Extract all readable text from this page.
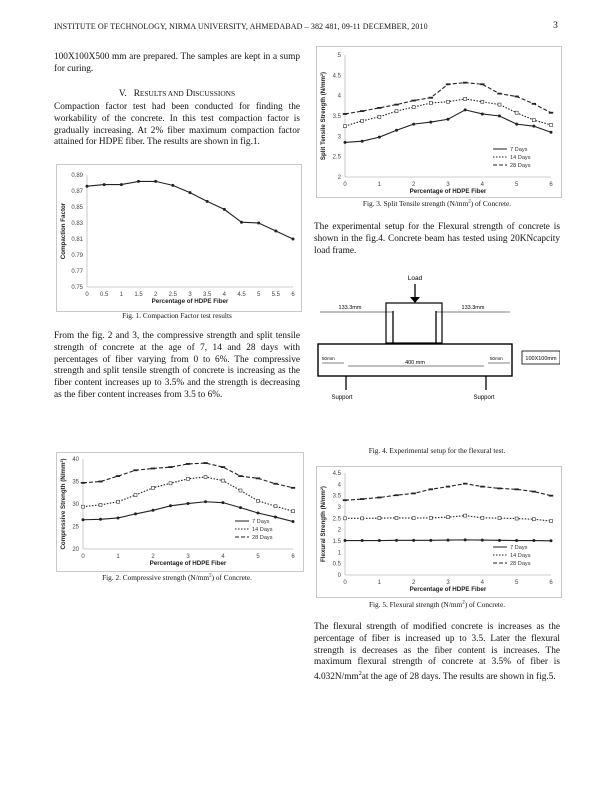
INSTITUTE OF TECHNOLOGY, NIRMA UNIVERSITY, AHMEDABAD – 382 481, 09-11 DECEMBER, 2010	3

100X100X500 mm are prepared. The samples are kept in a sump for curing.

V. RESULTS AND DISCUSSIONS

Compaction factor test had been conducted for finding the workability of the concrete. In this test compaction factor is gradually increasing. At 2% fiber maximum compaction factor attained for HDPE fiber. The results are shown in fig.1.

0.75
0.77
0.79
0.81
0.83
0.85
0.87
0.89
0 0.5 1 1.5 2 2.5 3 3.5 4 4.5 5 5.5 6
Percentage of HDPE Fiber
Compaction Factor
Fig. 1. Compaction Factor test results

From the fig. 2 and 3, the compressive strength and split tensile strength of concrete at the age of 7, 14 and 28 days with percentages of fiber varying from 0 to 6%. The compressive strength and split tensile strength of concrete is increasing as the fiber content increases up to 3.5% and the strength is decreasing as the fiber content increases from 3.5 to 6%.

20
25
30
35
40
0	1	2	3	4	5	6
Percentage of HDPE Fiber
Compressive Strength (N/mm²)	7 Days
14 Days
28 Days
Fig. 2. Compressive strength $(N/mm^2)$ of Concrete.
2
2.5
3
3.5
4
4.5
5
0	1	2	3	4	5	6
Percentage of HDPE Fiber
Split Tensile Strength (N/mm²)	7 Days
14 Days
28 Days
Fig. 3. Split Tensile strength $(N/mm^2)$ of Concrete.

The experimental setup for the Flexural strength of concrete is shown in the fig.4. Concrete beam has tested using 20KNcapcity load frame.

Load
133.3mm	133.3mm
50mm	50mm
400 mm
Support	Support
100X100mm
Fig. 4. Experimental setup for the flexural test.
0
0.5
1
1.5
2
2.5
3
3.5
4
4.5
0	1	2	3	4	5	6
Percentage of HDPE Fiber
Flexural Strength (N/mm²)	7 Days
14 Days
28 Days
Fig. 5. Flexural strength $(N/mm^2)$ of Concrete.

The flexural strength of modified concrete is increases as the percentage of fiber is increased up to 3.5. Later the flexural strength is decreases as the fiber content is increases. The maximum flexural strength of concrete at 3.5% of fiber is $4.032N/mm^2at$ the age of 28 days. The results are shown in fig.5.
